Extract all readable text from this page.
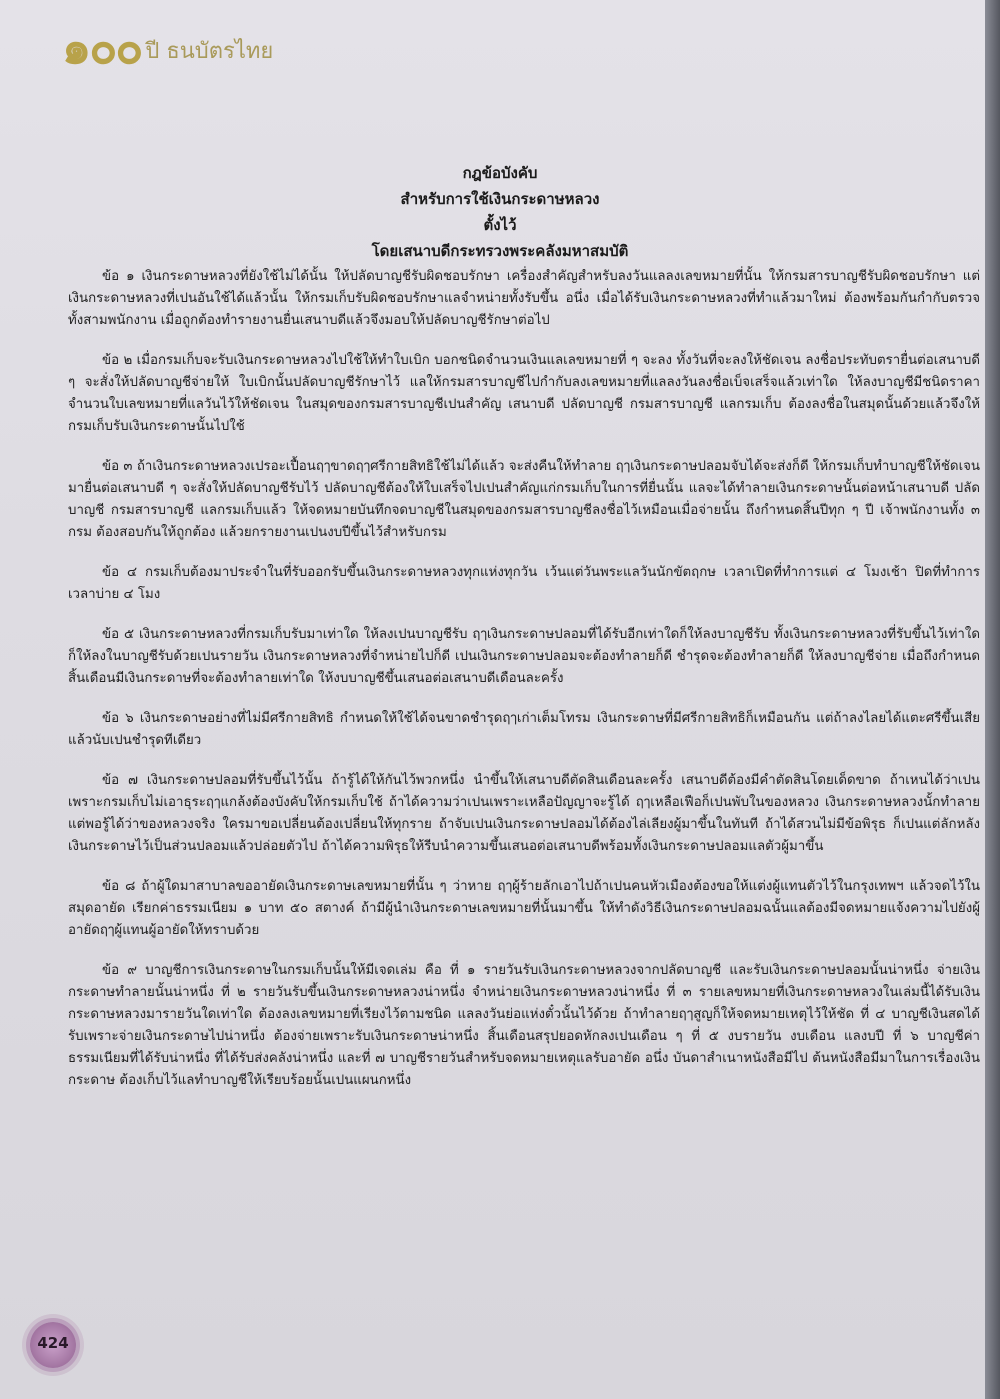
๑๐๐ ปี ธนบัตรไทย
กฎข้อบังคับ
สำหรับการใช้เงินกระดาษหลวง
ตั้งไว้
โดยเสนาบดีกระทรวงพระคลังมหาสมบัติ

ข้อ ๑ เงินกระดาษหลวงที่ยังใช้ไม่ได้นั้น ให้ปลัดบาญชีรับผิดชอบรักษา เครื่องสำคัญสำหรับลงวันแลลงเลขหมายที่นั้น ให้กรมสารบาญชีรับผิดชอบรักษา แต่เงินกระดาษหลวงที่เปนอันใช้ได้แล้วนั้น ให้กรมเก็บรับผิดชอบรักษาแลจำหน่ายทั้งรับขึ้น อนึ่ง เมื่อได้รับเงินกระดาษหลวงที่ทำแล้วมาใหม่ ต้องพร้อมกันกำกับตรวจทั้งสามพนักงาน เมื่อถูกต้องทำรายงานยื่นเสนาบดีแล้วจึงมอบให้ปลัดบาญชีรักษาต่อไป

ข้อ ๒ เมื่อกรมเก็บจะรับเงินกระดาษหลวงไปใช้ให้ทำใบเบิก บอกชนิดจำนวนเงินแลเลขหมายที่ ๆ จะลง ทั้งวันที่จะลงให้ชัดเจน ลงชื่อประทับตรายื่นต่อเสนาบดี ๆ จะสั่งให้ปลัดบาญชีจ่ายให้ ใบเบิกนั้นปลัดบาญชีรักษาไว้ แลให้กรมสารบาญชีไปกำกับลงเลขหมายที่แลลงวันลงชื่อเบ็จเสร็จแล้วเท่าใด ให้ลงบาญชีมีชนิดราคาจำนวนใบเลขหมายที่แลวันไว้ให้ชัดเจน ในสมุดของกรมสารบาญชีเปนสำคัญ เสนาบดี ปลัดบาญชี กรมสารบาญชี แลกรมเก็บ ต้องลงชื่อในสมุดนั้นด้วยแล้วจึงให้กรมเก็บรับเงินกระดาษนั้นไปใช้

ข้อ ๓ ถ้าเงินกระดาษหลวงเปรอะเปื้อนฤๅขาดฤๅศรีกายสิทธิใช้ไม่ได้แล้ว จะส่งคืนให้ทำลาย ฤๅเงินกระดาษปลอมจับได้จะส่งก็ดี ให้กรมเก็บทำบาญชีให้ชัดเจน มายื่นต่อเสนาบดี ๆ จะสั่งให้ปลัดบาญชีรับไว้ ปลัดบาญชีต้องให้ใบเสร็จไปเปนสำคัญแก่กรมเก็บในการที่ยื่นนั้น แลจะได้ทำลายเงินกระดาษนั้นต่อหน้าเสนาบดี ปลัดบาญชี กรมสารบาญชี แลกรมเก็บแล้ว ให้จดหมายบันทึกจดบาญชีในสมุดของกรมสารบาญชีลงชื่อไว้เหมือนเมื่อจ่ายนั้น ถึงกำหนดสิ้นปีทุก ๆ ปี เจ้าพนักงานทั้ง ๓ กรม ต้องสอบกันให้ถูกต้อง แล้วยกรายงานเปนงบปีขึ้นไว้สำหรับกรม

ข้อ ๔ กรมเก็บต้องมาประจำในที่รับออกรับขึ้นเงินกระดาษหลวงทุกแห่งทุกวัน เว้นแต่วันพระแลวันนักขัตฤกษ เวลาเปิดที่ทำการแต่ ๔ โมงเช้า ปิดที่ทำการเวลาบ่าย ๔ โมง

ข้อ ๕ เงินกระดาษหลวงที่กรมเก็บรับมาเท่าใด ให้ลงเปนบาญชีรับ ฤๅเงินกระดาษปลอมที่ได้รับอีกเท่าใดก็ให้ลงบาญชีรับ ทั้งเงินกระดาษหลวงที่รับขึ้นไว้เท่าใด ก็ให้ลงในบาญชีรับด้วยเปนรายวัน เงินกระดาษหลวงที่จำหน่ายไปก็ดี เปนเงินกระดาษปลอมจะต้องทำลายก็ดี ชำรุดจะต้องทำลายก็ดี ให้ลงบาญชีจ่าย เมื่อถึงกำหนดสิ้นเดือนมีเงินกระดาษที่จะต้องทำลายเท่าใด ให้งบบาญชีขึ้นเสนอต่อเสนาบดีเดือนละครั้ง

ข้อ ๖ เงินกระดาษอย่างที่ไม่มีศรีกายสิทธิ กำหนดให้ใช้ได้จนขาดชำรุดฤๅเก่าเต็มโทรม เงินกระดาษที่มีศรีกายสิทธิก็เหมือนกัน แต่ถ้าลงไลยได้แตะศรีขึ้นเสียแล้วนับเปนชำรุดทีเดียว

ข้อ ๗ เงินกระดาษปลอมที่รับขึ้นไว้นั้น ถ้ารู้ได้ให้กันไว้พวกหนึ่ง นำขึ้นให้เสนาบดีตัดสินเดือนละครั้ง เสนาบดีต้องมีคำตัดสินโดยเด็ดขาด ถ้าเหนได้ว่าเปนเพราะกรมเก็บไม่เอาธุระฤๅแกล้งต้องบังคับให้กรมเก็บใช้ ถ้าได้ความว่าเปนเพราะเหลือปัญญาจะรู้ได้ ฤๅเหลือเฟือก็เปนพับในของหลวง เงินกระดาษหลวงนั้กทำลาย แต่พอรู้ได้ว่าของหลวงจริง ใครมาขอเปลี่ยนต้องเปลี่ยนให้ทุกราย ถ้าจับเปนเงินกระดาษปลอมได้ต้องไล่เลียงผู้มาขึ้นในทันที ถ้าได้สวนไม่มีข้อพิรุธ ก็เปนแต่ลักหลังเงินกระดาษไว้เป็นส่วนปลอมแล้วปล่อยตัวไป ถ้าได้ความพิรุธให้รีบนำความขึ้นเสนอต่อเสนาบดีพร้อมทั้งเงินกระดาษปลอมแลตัวผู้มาขึ้น

ข้อ ๘ ถ้าผู้ใดมาสาบาลขออายัดเงินกระดาษเลขหมายที่นั้น ๆ ว่าหาย ฤๅผู้ร้ายลักเอาไปถ้าเปนคนหัวเมืองต้องขอให้แต่งผู้แทนตัวไว้ในกรุงเทพฯ แล้วจดไว้ในสมุดอายัด เรียกค่าธรรมเนียม ๑ บาท ๕๐ สตางค์ ถ้ามีผู้นำเงินกระดาษเลขหมายที่นั้นมาขึ้น ให้ทำดังวิธีเงินกระดาษปลอมฉนั้นแลต้องมีจดหมายแจ้งความไปยังผู้อายัดฤๅผู้แทนผู้อายัดให้ทราบด้วย

ข้อ ๙ บาญชีการเงินกระดาษในกรมเก็บนั้นให้มีเจดเล่ม คือ ที่ ๑ รายวันรับเงินกระดาษหลวงจากปลัดบาญชี และรับเงินกระดาษปลอมนั้นน่าหนึ่ง จ่ายเงินกระดาษทำลายนั้นน่าหนึ่ง ที่ ๒ รายวันรับขึ้นเงินกระดาษหลวงน่าหนึ่ง จำหน่ายเงินกระดาษหลวงน่าหนึ่ง ที่ ๓ รายเลขหมายที่เงินกระดาษหลวงในเล่มนี้ได้รับเงินกระดาษหลวงมารายวันใดเท่าใด ต้องลงเลขหมายที่เรียงไว้ตามชนิด แลลงวันย่อแห่งตั๋วนั้นไว้ด้วย ถ้าทำลายฤๅสูญก็ให้จดหมายเหตุไว้ให้ชัด ที่ ๔ บาญชีเงินสดได้รับเพราะจ่ายเงินกระดาษไปน่าหนึ่ง ต้องจ่ายเพราะรับเงินกระดาษน่าหนึ่ง สิ้นเดือนสรุปยอดหักลงเปนเดือน ๆ ที่ ๕ งบรายวัน งบเดือน แลงบปี ที่ ๖ บาญชีค่าธรรมเนียมที่ได้รับน่าหนึ่ง ที่ได้รับส่งคลังน่าหนึ่ง และที่ ๗ บาญชีรายวันสำหรับจดหมายเหตุแลรับอายัด อนึ่ง บันดาสำเนาหนังสือมีไป ต้นหนังสือมีมาในการเรื่องเงินกระดาษ ต้องเก็บไว้แลทำบาญชีให้เรียบร้อยนั้นเปนแผนกหนึ่ง

424
